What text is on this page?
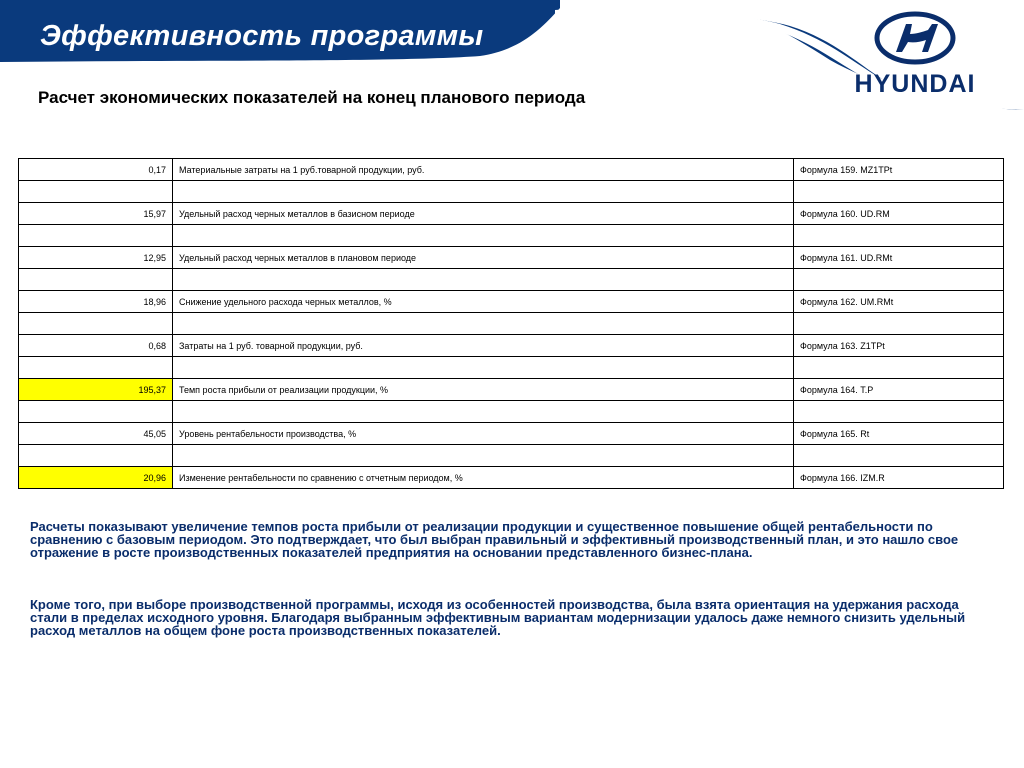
Эффективность программы
HYUNDAI
Расчет экономических показателей на конец планового периода
0,17	Материальные затраты на 1 руб.товарной продукции, руб.	Формула 159. MZ1TPt

15,97	Удельный расход черных металлов в базисном периоде	Формула 160. UD.RM

12,95	Удельный расход черных металлов в плановом периоде	Формула 161. UD.RMt

18,96	Снижение удельного расхода черных металлов, %	Формула 162. UM.RMt

0,68	Затраты на 1 руб. товарной продукции, руб.	Формула 163. Z1TPt

195,37	Темп роста прибыли от реализации продукции, %	Формула 164. T.P

45,05	Уровень рентабельности производства, %	Формула 165. Rt

20,96	Изменение рентабельности по сравнению с отчетным периодом, %	Формула 166. IZM.R
Расчеты показывают увеличение темпов роста прибыли от реализации продукции и существенное повышение общей рентабельности по сравнению с базовым периодом. Это подтверждает, что был выбран правильный и эффективный производственный план, и это нашло свое отражение в росте производственных показателей предприятия на основании представленного бизнес-плана.
Кроме того, при выборе производственной программы, исходя из особенностей производства, была взята ориентация на удержания расхода стали в пределах исходного уровня. Благодаря выбранным эффективным вариантам модернизации удалось даже немного снизить удельный расход металлов на общем фоне роста производственных показателей.
